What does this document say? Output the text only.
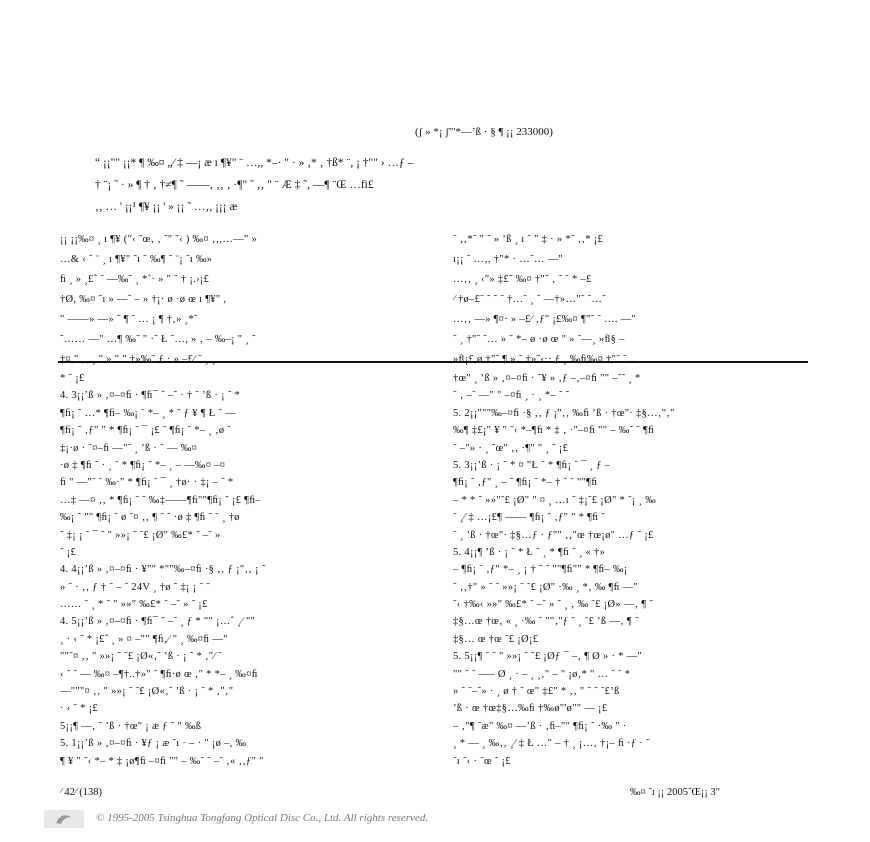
(ʃ » *¡ ʃ"'*—ʼß · § ¶ ¡¡ 233000)
“ ¡¡"" ¡¡* ¶ ‰¤ „⁄ ‡ —¡ æ ı ¶¥" ¨ …,, *–· " · » ‚* ‚ †ß* ¨, ¡ †"" › …ƒ –
† ¨¡ ˜ · » ¶ † ‚ †≠¶ ˜ ——‚ ‚‚ ‚ ·¶" ˜ ‚‚ " ¨ Æ ‡ ˜, —¶ ¨Œ …fi£
‚‚ … ' ¡¡¹ ¶¥ ¡¡ ' » ¡¡ ˜ …‚, ¡¡¡ æ
¡¡ ¡¡‰¤ ¸ ı ¶¥ ("‹ ˜œ‚ ‚ ˜" ˜‹ ) ‰¤ ‚‚,…—" »
…& ‹ ˜ ¨ ¸ ı ¶¥" ˜ı ˜ ‰¶ ˜ ¨¡ ˜ı ‰»
ﬁ ¸ » ¸£ˆ ˜ —‰˜ ¸ *˚· » " ˜ † ¡.›¡£
†Ø, ‰¤ ˜ı » —˜ – » †¡· ø ·ø œ ı ¶¥" ,
" ——» —» ˜ ¶ ˜ … ¡ ¶ †‚» ¸*˜
˜…… —" …¶ ‰˜ " ·˜ Ł ˜…, » ‚ – ‰–¡ " ¸ ˜
†¤," ‚‚ ¸ " » " " †»‰˜ ƒ · » –£∕ ˜ ¸ ¸
˜ ‚‚*˜ " ˜ » ʼß ¸ ı ˜ " ‡ · » *˜ ‚‚* ¡£
ı¡¡ ˜ …‚, †"* · …˜… —"
…‚‚ ¸ ‹"» ‡£˜ ‰¤ †"˜ ‚ ˜ ˜ * –£
∕ †ø–£˜ ˜ ˜ ˜ †…˜ ¸ ˜ —†»…"˜ ˜…˜
…‚‚ —» ¶¤· » –£∕ ‚ƒ" ¡£‰¤ ¶"˜ ˜ …. —"
˜ ¸ †"˜ ˜… » ˜ *– ø ·ø œ " » ˜—¸ »ﬂ§ –
»ﬂ¡£,ø †"˜ ¶ » ˜ †»˜‹·· ƒ ¸ ‰ﬁ‰¤ †"˜ ˜…
* ˜ ¡£
4. 3¡¡ʼß » ‚¤–¤ﬁ · ¶ﬁ¯ ˜ –˜ · † ˜ ʼß · ¡ ˜ *
¶ﬁ¡ ˜ …* ¶ﬁ– ‰¡ ˜ *– ¸ * ˜ ƒ ¥ ¶ Ł ˜ —
¶ﬁ¡ ˜ ‚ƒ" " * ¶ﬁ¡ ˜ ¯ ¡£ ˜ ¶ﬁ¡ ˜ *– ¸ ‚ø ˜
‡¡·ø · ˜¤–ﬁ —"˜ ¸ ʼß · ˜ –– ‰¤
·ø ‡ ¶ﬁ ˜ · ¸ ˜ * ¶ﬁ¡ ˜ *– ¸ – —‰¤ –¤
ﬁ " —"˜ ˜ ‰·" * ¶ﬁ¡ ˜ ¯ ¸ †ø· · ‡¡ – ˜ *
…‡ —¤ ‚‚ * ¶ﬁ¡ ˜ ˜ ‰‡——¶ﬁ""¶ﬁ¡ ˜ ¡£ ¶ﬁ–
‰¡ ˜ "" ¶ﬁ¡ ˜ ø ˜¤ ‚‚ ¶ ˜ ˜ ·ø ‡ ¶ﬁ ˜ ˜ ¸ †ø
˜ ‡¡ ¡ ˜ ¯ ˜ " »»¡ ˜ ˜£ ¡Ø" ‰£* ˜ –˜ »
˜ ¡£
4. 4¡¡ʼß » ‚¤–¤ﬁ · ¥"" *""‰–¤ﬁ ·§ ‚‚ ƒ ¡"‚‚ ¡ ˜
» ˜ · ‚‚ ƒ † ˜ – ˜ 24V ¸ †ø ˜ ‡¡ ¡ ˜ ˜
…… ˜ ¸ * ˜ " »»" ‰£* ˜ –˜ » ˜ ¡£
4. 5¡¡ʼß » ‚¤–¤ﬁ · ¶ﬁ¯ ˜ –˜ ¸ ƒ * "" ¡…ˆ ¸⁄ ""
¸ · ‹ ˜ * ¡£ˆ ¸ » ¤ –"" ¶ﬁ‚⁄ " ¸ ‰¤ﬁ —"
""˜¤ ‚‚ " »»¡ ˜ ˜£ ¡Ø«‚˜ ʼß · ¡ ˜ * ‚"⁄ ˜
‹ ˜ ˜ — ‰¤ –¶†..†»" ˜ ¶ﬁ·ø œ ‚" * *– ¸ ‰¤ﬁ
—"""¤ ‚‚ " »»¡ ˜ ˜£ ¡Ø«‚˜ ʼß · ¡ ˜ * ‚"‚"
· ‹ ˜ * ¡£
5¡¡¶ —‚ ˜ ʼß · †œ" ¡ æ ƒ ˜ " ‰ß
5. 1¡¡ʼß » ‚¤–¤ﬁ · ¥ƒ ¡ æ ˜ı · – · " ¡ø –, ‰
¶ ¥ " ˜‹ *– * ‡ ¡ø¶ﬁ –¤ﬁ "" – ‰˜ ˜ –˜ ‚« ‚‚ƒ" "
†œ" ¸ ʼß » ‚¤–¤ﬁ · ˜¥ » ‚ƒ –‚–¤ﬁ "" –˜˜ ¸ *
˜ ‚ –˜ —" " –¤ﬁ ¸ · ¸ *– ˜ ˜
5. 2¡¡"""‰–¤ﬁ ·§ ‚‚ ƒ ¡"‚‚ ‰ﬁ ʼß · †œ"· ‡§…‚"‚"
‰¶ ‡£¡" ¥ " ˜‹ *–¶ﬁ * ‡ ‚ ·"–¤ﬁ "" – ‰˜ ˜ ¶ﬁ
˜ –"» · ¸ ˜œ" ‚‚ ·¶" " ¸ ˜ ¡£
5. 3¡¡ʼß · ¡ ˜ * ¤ "Ł ˜ * ¶ﬁ¡ ˜ ¯ ¸ ƒ –
¶ﬁ¡ ˜ ‚ƒ" ¸ – ˜ ¶ﬁ¡ ˜ *– † ˜ ˜ ""¶ﬁ
– * * ˜ »»"˜£ ¡Ø" " ¤ ¸ …ı ˜ ‡¡˜£ ¡Ø" * ˜¡ ¸ ‰
˜ ¸⁄ ‡ …¡£¶ —— ¶ﬁ¡ ˜ ‚ƒ" " * ¶ﬁ ˜
˜ ¸ ʼß · †œ"· ‡§…ƒ · ƒ"" ‚‚"œ †œ¡ø" …ƒ ˜ ¡£
5. 4¡¡¶ ʼß · ¡ ˜ * Ł ˜ ¸ * ¶ﬁ ˜ ¸ « †»
– ¶ﬁ¡ ˜ ‚ƒ" *– ¸ ¡ † ˜ ˜ ""¶ﬁ"" * ¶ﬁ– ‰¡
˜ ‚‚†" » ˜ ˜ »»¡ ˜ ˜£ ¡Ø" ·‰ ¸ *‚ ‰ ¶ﬁ —"
˜‹ †‰‹ »»" ‰£* ˜ –˜ » ˜ ¸ ‚ ‰ ˜£ ¡Ø» —‚ ¶ ˜
‡§…œ †œ‚ « ¸ ·‰ ˜ ""‚"ƒ ˜ ¸ ˜£ ʼß —‚ ¶ ˜
‡§… œ †œ ˜£ ¡Ø¡£
5. 5¡¡¶ ˜ ˜ " »»¡ ˜ ˜£ ¡Øƒ ¯ –‚ ¶ Ø » · * —"
"" ˜ ˜ –— Ø ¸ · – ¸ ¸‚" – " ¡ø‚* " … ˜ ˜ *
» ˜ ˜–˜» · ¸ ø † ˜ œ" ‡£" * ‚‚ " ˜ ˜ ˜£ʼß
ʼß · œ †œ‡§…‰ﬁ †‰ø"'ø"" — ¡£
– ‚"¶ ˜æ" ‰¤ —ʼß · ‚ﬁ–"" ¶ﬁ¡ ˜ ·‰ " ·
¸ * — ¸ ‰‚‚ ¸⁄ ‡ Ł …" – † ¸ ¡…‚ †¡– ﬁ ·ƒ · ˜
˜ı ˜‹ · ˜œ ˜ ¡£
⁄ 42⁄ (138)	‰¤ ˜ı ¡¡ 2005˜Œ¡¡ 3"
© 1995-2005 Tsinghua Tongfang Optical Disc Co., Ltd. All rights reserved.
